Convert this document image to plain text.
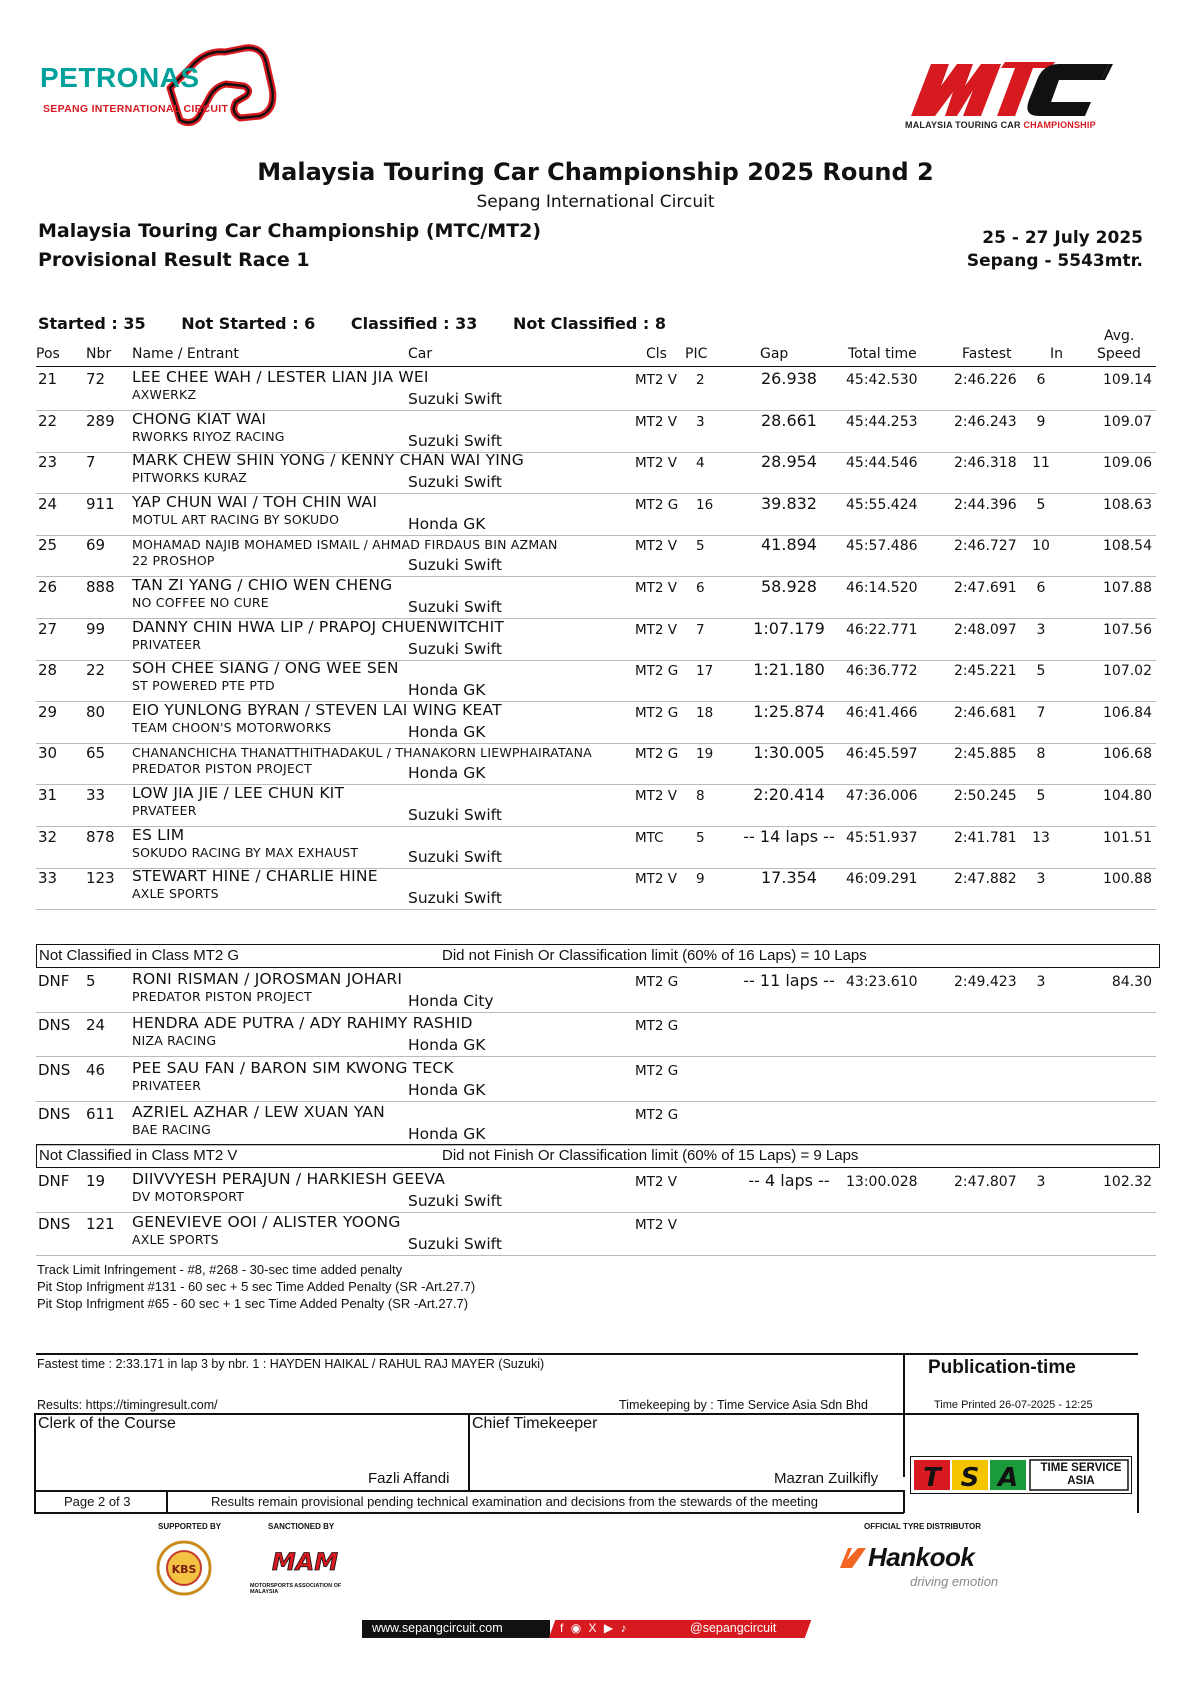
PETRONAS
SEPANG INTERNATIONAL CIRCUIT
MALAYSIA TOURING CAR CHAMPIONSHIP
Malaysia Touring Car Championship 2025 Round 2
Sepang International Circuit
Malaysia Touring Car Championship (MTC/MT2)
Provisional Result Race 1
25 - 27 July 2025
Sepang - 5543mtr.
Started : 35 Not Started : 6 Classified : 33 Not Classified : 8
Pos Nbr Name / Entrant	Car	Cls PIC	Gap	Total time	Fastest	In
Avg.
Speed
21 72 LEE CHEE WAH / LESTER LIAN JIA WEI
AXWERKZ	Suzuki Swift
MT2 V 2	26.938	45:42.530	2:46.226	6	109.14
22 289 CHONG KIAT WAI
RWORKS RIYOZ RACING	Suzuki Swift
MT2 V 3	28.661	45:44.253	2:46.243	9	109.07
23 7 MARK CHEW SHIN YONG / KENNY CHAN WAI YING
PITWORKS KURAZ	Suzuki Swift
MT2 V 4	28.954	45:44.546	2:46.318	11	109.06
24 911 YAP CHUN WAI / TOH CHIN WAI
MOTUL ART RACING BY SOKUDO	Honda GK
MT2 G 16	39.832	45:55.424	2:44.396	5	108.63
25 69 MOHAMAD NAJIB MOHAMED ISMAIL / AHMAD FIRDAUS BIN AZMAN
22 PROSHOP	Suzuki Swift
MT2 V 5	41.894	45:57.486	2:46.727	10	108.54
26 888 TAN ZI YANG / CHIO WEN CHENG
NO COFFEE NO CURE	Suzuki Swift
MT2 V 6	58.928	46:14.520	2:47.691	6	107.88
27 99 DANNY CHIN HWA LIP / PRAPOJ CHUENWITCHIT
PRIVATEER	Suzuki Swift
MT2 V 7	1:07.179	46:22.771	2:48.097	3	107.56
28 22 SOH CHEE SIANG / ONG WEE SEN
ST POWERED PTE PTD	Honda GK
MT2 G 17	1:21.180	46:36.772	2:45.221	5	107.02
29 80 EIO YUNLONG BYRAN / STEVEN LAI WING KEAT
TEAM CHOON'S MOTORWORKS	Honda GK
MT2 G 18	1:25.874	46:41.466	2:46.681	7	106.84
30 65 CHANANCHICHA THANATTHITHADAKUL / THANAKORN LIEWPHAIRATANA
PREDATOR PISTON PROJECT	Honda GK
MT2 G 19	1:30.005	46:45.597	2:45.885	8	106.68
31 33 LOW JIA JIE / LEE CHUN KIT
PRVATEER	Suzuki Swift
MT2 V 8	2:20.414	47:36.006	2:50.245	5	104.80
32 878 ES LIM
SOKUDO RACING BY MAX EXHAUST	Suzuki Swift
MTC 5	-- 14 laps -- 45:51.937	2:41.781	13	101.51
33 123 STEWART HINE / CHARLIE HINE
AXLE SPORTS	Suzuki Swift
MT2 V 9	17.354	46:09.291	2:47.882	3	100.88
Not Classified in Class MT2 G	Did not Finish Or Classification limit (60% of 16 Laps) = 10 Laps
DNF 5 RONI RISMAN / JOROSMAN JOHARI
PREDATOR PISTON PROJECT	Honda City
MT2 G	-- 11 laps -- 43:23.610	2:49.423	3	84.30
DNS 24 HENDRA ADE PUTRA / ADY RAHIMY RASHID
NIZA RACING	Honda GK
MT2 G
DNS 46 PEE SAU FAN / BARON SIM KWONG TECK
PRIVATEER	Honda GK
MT2 G
DNS 611 AZRIEL AZHAR / LEW XUAN YAN
BAE RACING	Honda GK
MT2 G
Not Classified in Class MT2 V	Did not Finish Or Classification limit (60% of 15 Laps) = 9 Laps
DNF 19 DIIVVYESH PERAJUN / HARKIESH GEEVA
DV MOTORSPORT	Suzuki Swift
MT2 V	-- 4 laps --	13:00.028	2:47.807	3	102.32
DNS 121 GENEVIEVE OOI / ALISTER YOONG
AXLE SPORTS	Suzuki Swift
MT2 V
Track Limit Infringement - #8, #268 - 30-sec time added penalty
Pit Stop Infrigment #131 - 60 sec + 5 sec Time Added Penalty (SR -Art.27.7)
Pit Stop Infrigment #65 - 60 sec + 1 sec Time Added Penalty (SR -Art.27.7)
Fastest time : 2:33.171 in lap 3 by nbr. 1 : HAYDEN HAIKAL / RAHUL RAJ MAYER (Suzuki)	Publication-time
Results: https://timingresult.com/	Timekeeping by : Time Service Asia Sdn Bhd	Time Printed 26-07-2025 - 12:25
Clerk of the Course
Fazli Affandi
Chief Timekeeper
Mazran Zuilkifly
Page 2 of 3	Results remain provisional pending technical examination and decisions from the stewards of the meeting
T S A	TIME SERVICE
ASIA
SUPPORTED BY	SANCTIONED BY	OFFICIAL TYRE DISTRIBUTOR
KBS	MAM
MOTORSPORTS ASSOCIATION OF MALAYSIA
Hankook
driving emotion
www.sepangcircuit.com	f ◉ X ▶ ♪	@sepangcircuit
